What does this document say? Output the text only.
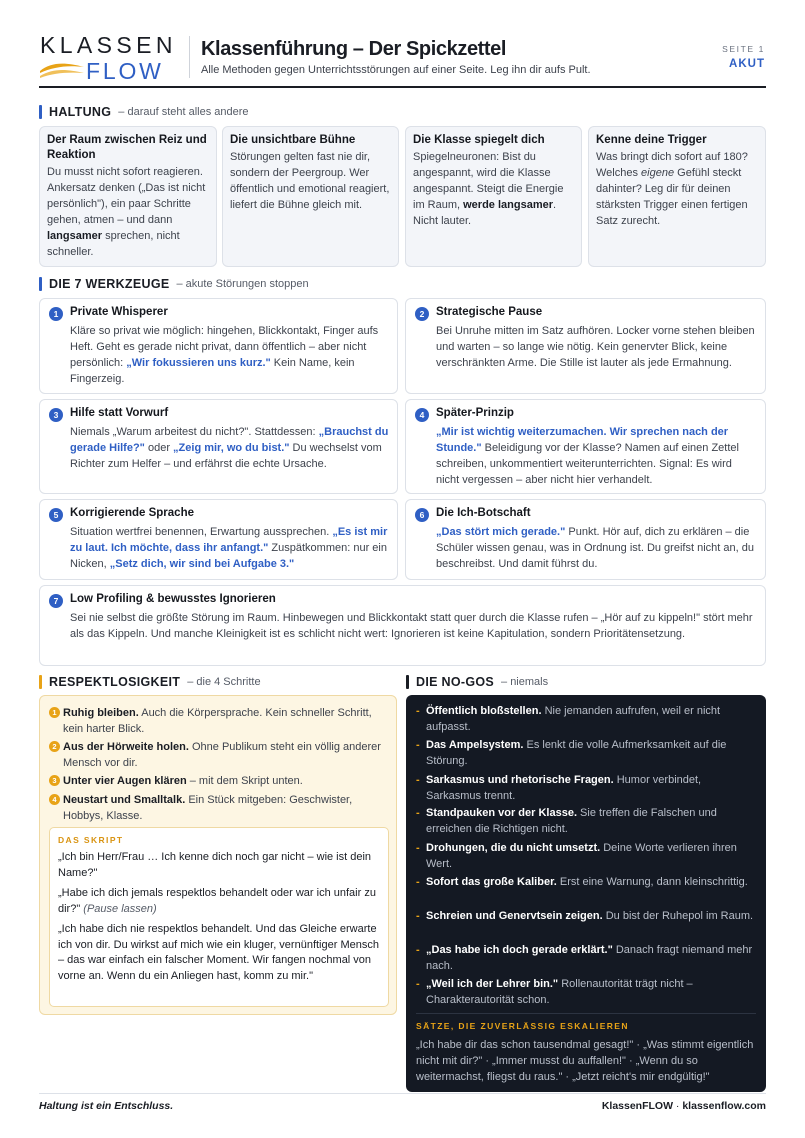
KLASSEN
FLOW
Klassenführung – Der Spickzettel
Alle Methoden gegen Unterrichtsstörungen auf einer Seite. Leg ihn dir aufs Pult.
SEITE 1
AKUT
HALTUNG – darauf steht alles andere
Der Raum zwischen Reiz und Reaktion
Du musst nicht sofort reagieren. Ankersatz denken („Das ist nicht persönlich"), ein paar Schritte gehen, atmen – und dann langsamer sprechen, nicht schneller.
Die unsichtbare Bühne
Störungen gelten fast nie dir, sondern der Peergroup. Wer öffentlich und emotional reagiert, liefert die Bühne gleich mit.
Die Klasse spiegelt dich
Spiegelneuronen: Bist du angespannt, wird die Klasse angespannt. Steigt die Energie im Raum, werde langsamer. Nicht lauter.
Kenne deine Trigger
Was bringt dich sofort auf 180? Welches eigene Gefühl steckt dahinter? Leg dir für deinen stärksten Trigger einen fertigen Satz zurecht.
DIE 7 WERKZEUGE – akute Störungen stoppen
1	Private Whisperer
Kläre so privat wie möglich: hingehen, Blickkontakt, Finger aufs Heft. Geht es gerade nicht privat, dann öffentlich – aber nicht persönlich: „Wir fokussieren uns kurz." Kein Name, kein Fingerzeig.
2	Strategische Pause
Bei Unruhe mitten im Satz aufhören. Locker vorne stehen bleiben und warten – so lange wie nötig. Kein genervter Blick, keine verschränkten Arme. Die Stille ist lauter als jede Ermahnung.
3	Hilfe statt Vorwurf
Niemals „Warum arbeitest du nicht?". Stattdessen: „Brauchst du gerade Hilfe?" oder „Zeig mir, wo du bist." Du wechselst vom Richter zum Helfer – und erfährst die echte Ursache.
4	Später-Prinzip
„Mir ist wichtig weiterzumachen. Wir sprechen nach der Stunde." Beleidigung vor der Klasse? Namen auf einen Zettel schreiben, unkommentiert weiterunterrichten. Signal: Es wird nicht vergessen – aber nicht hier verhandelt.
5	Korrigierende Sprache
Situation wertfrei benennen, Erwartung aussprechen. „Es ist mir zu laut. Ich möchte, dass ihr anfangt." Zuspätkommen: nur ein Nicken, „Setz dich, wir sind bei Aufgabe 3."
6	Die Ich-Botschaft
„Das stört mich gerade." Punkt. Hör auf, dich zu erklären – die Schüler wissen genau, was in Ordnung ist. Du greifst nicht an, du beschreibst. Und damit führst du.
7	Low Profiling & bewusstes Ignorieren
Sei nie selbst die größte Störung im Raum. Hinbewegen und Blickkontakt statt quer durch die Klasse rufen – „Hör auf zu kippeln!" stört mehr als das Kippeln. Und manche Kleinigkeit ist es schlicht nicht wert: Ignorieren ist keine Kapitulation, sondern Prioritätensetzung.
RESPEKTLOSIGKEIT – die 4 Schritte
1 Ruhig bleiben. Auch die Körpersprache. Kein schneller Schritt, kein harter Blick.
2 Aus der Hörweite holen. Ohne Publikum steht ein völlig anderer Mensch vor dir.
3 Unter vier Augen klären – mit dem Skript unten.
4 Neustart und Smalltalk. Ein Stück mitgeben: Geschwister, Hobbys, Klasse.
DAS SKRIPT
„Ich bin Herr/Frau … Ich kenne dich noch gar nicht – wie ist dein Name?"
„Habe ich dich jemals respektlos behandelt oder war ich unfair zu dir?" (Pause lassen)
„Ich habe dich nie respektlos behandelt. Und das Gleiche erwarte ich von dir. Du wirkst auf mich wie ein kluger, vernünftiger Mensch – das war einfach ein falscher Moment. Wir fangen nochmal von vorne an. Wenn du ein Anliegen hast, komm zu mir."
DIE NO-GOS – niemals
- Öffentlich bloßstellen. Nie jemanden aufrufen, weil er nicht aufpasst.
- Das Ampelsystem. Es lenkt die volle Aufmerksamkeit auf die Störung.
- Sarkasmus und rhetorische Fragen. Humor verbindet, Sarkasmus trennt.
- Standpauken vor der Klasse. Sie treffen die Falschen und erreichen die Richtigen nicht.
- Drohungen, die du nicht umsetzt. Deine Worte verlieren ihren Wert.
- Sofort das große Kaliber. Erst eine Warnung, dann kleinschrittig.
- Schreien und Genervtsein zeigen. Du bist der Ruhepol im Raum.
- „Das habe ich doch gerade erklärt." Danach fragt niemand mehr nach.
- „Weil ich der Lehrer bin." Rollenautorität trägt nicht – Charakterautorität schon.
SÄTZE, DIE ZUVERLÄSSIG ESKALIEREN
„Ich habe dir das schon tausendmal gesagt!" · „Was stimmt eigentlich nicht mit dir?" · „Immer musst du auffallen!" · „Wenn du so weitermachst, fliegst du raus." · „Jetzt reicht's mir endgültig!"
Haltung ist ein Entschluss.	KlassenFLOW · klassenflow.com
